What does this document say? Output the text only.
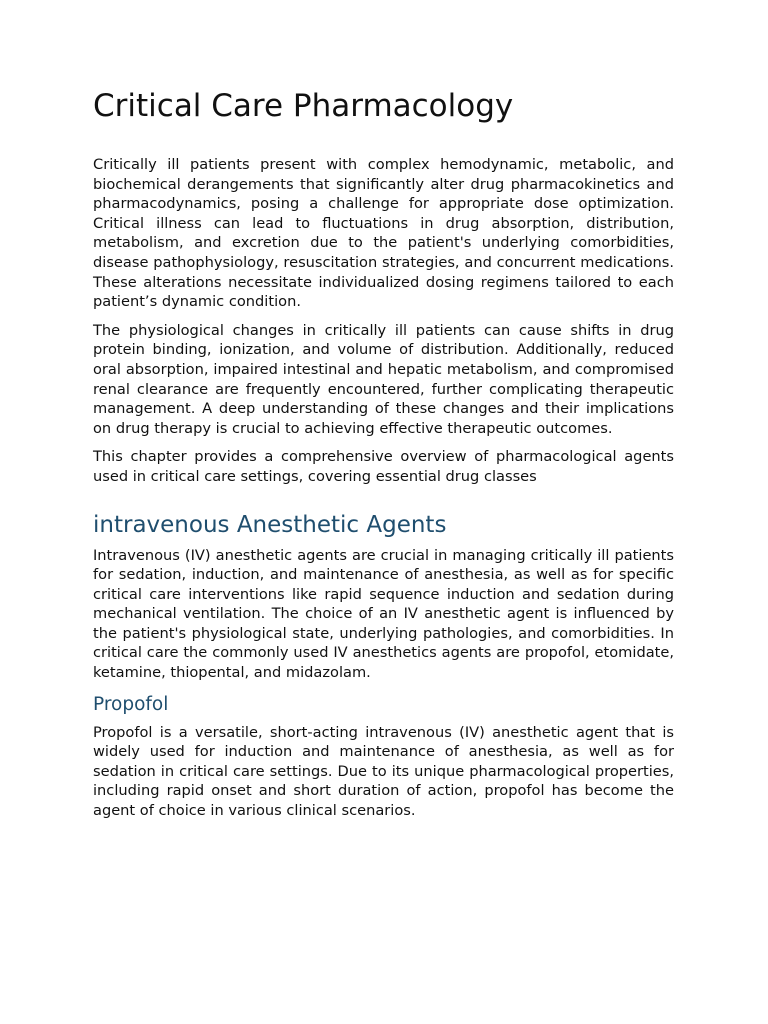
Critical Care Pharmacology

Critically ill patients present with complex hemodynamic, metabolic, and biochemical derangements that significantly alter drug pharmacokinetics and pharmacodynamics, posing a challenge for appropriate dose optimization. Critical illness can lead to fluctuations in drug absorption, distribution, metabolism, and excretion due to the patient's underlying comorbidities, disease pathophysiology, resuscitation strategies, and concurrent medications. These alterations necessitate individualized dosing regimens tailored to each patient’s dynamic condition.

The physiological changes in critically ill patients can cause shifts in drug protein binding, ionization, and volume of distribution. Additionally, reduced oral absorption, impaired intestinal and hepatic metabolism, and compromised renal clearance are frequently encountered, further complicating therapeutic management. A deep understanding of these changes and their implications on drug therapy is crucial to achieving effective therapeutic outcomes.

This chapter provides a comprehensive overview of pharmacological agents used in critical care settings, covering essential drug classes

intravenous Anesthetic Agents

Intravenous (IV) anesthetic agents are crucial in managing critically ill patients for sedation, induction, and maintenance of anesthesia, as well as for specific critical care interventions like rapid sequence induction and sedation during mechanical ventilation. The choice of an IV anesthetic agent is influenced by the patient's physiological state, underlying pathologies, and comorbidities. In critical care the commonly used IV anesthetics agents are propofol, etomidate, ketamine, thiopental, and midazolam.

Propofol

Propofol is a versatile, short-acting intravenous (IV) anesthetic agent that is widely used for induction and maintenance of anesthesia, as well as for sedation in critical care settings. Due to its unique pharmacological properties, including rapid onset and short duration of action, propofol has become the agent of choice in various clinical scenarios.
